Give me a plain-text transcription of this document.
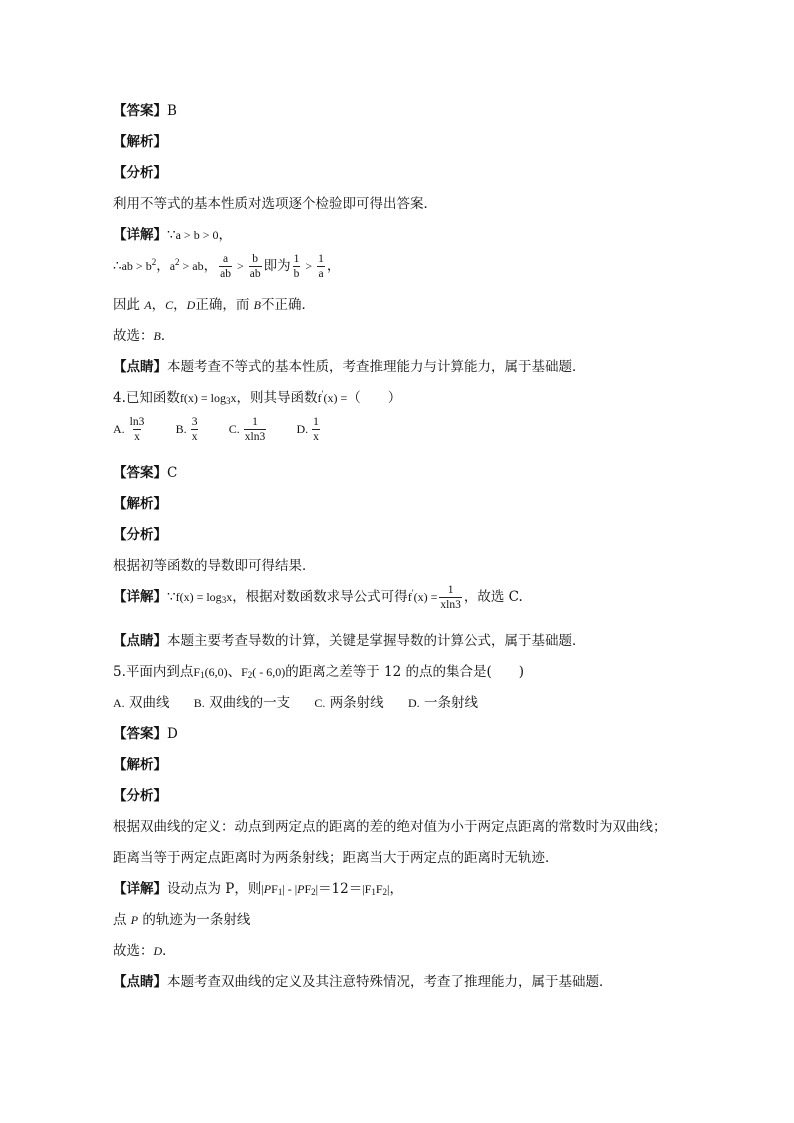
【答案】B
【解析】
【分析】
利用不等式的基本性质对选项逐个检验即可得出答案．
【详解】∵a > b > 0，
∴ab > $b^2$，$a^2$ > ab， $\frac{a}{ab} > \frac{b}{ab}$ 即为 $\frac{1}{b} > \frac{1}{a}$ ，
因此 A，C，D正确，而 B不正确．
故选：B．
【点睛】本题考查不等式的基本性质，考查推理能力与计算能力，属于基础题．
4.已知函数$f(x) = \log_3x$，则其导函数f′(x) =（　　）
A. $\frac{\ln 3}{x}$	B. $\frac{3}{x}$	C. $\frac{1}{xln3}$	D. $\frac{1}{x}$
【答案】C
【解析】
【分析】
根据初等函数的导数即可得结果．
【详解】∵f(x) = $\log_3x$，根据对数函数求导公式可得$f'(x) = \frac{1}{xln3}$ ，故选 C.
【点睛】本题主要考查导数的计算，关键是掌握导数的计算公式，属于基础题．
5.平面内到点$F_1(6,0)$、$F_2( - 6,0)$的距离之差等于 12 的点的集合是(　　)
A. 双曲线 B. 双曲线的一支 C. 两条射线 D. 一条射线
【答案】D
【解析】
【分析】
根据双曲线的定义：动点到两定点的距离的差的绝对值为小于两定点距离的常数时为双曲线；
距离当等于两定点距离时为两条射线；距离当大于两定点的距离时无轨迹．
【详解】设动点为 P，则$|PF_1| - |PF_2|=12=|F_1F_2|$，
点 P 的轨迹为一条射线
故选：D．
【点睛】本题考查双曲线的定义及其注意特殊情况，考查了推理能力，属于基础题．
